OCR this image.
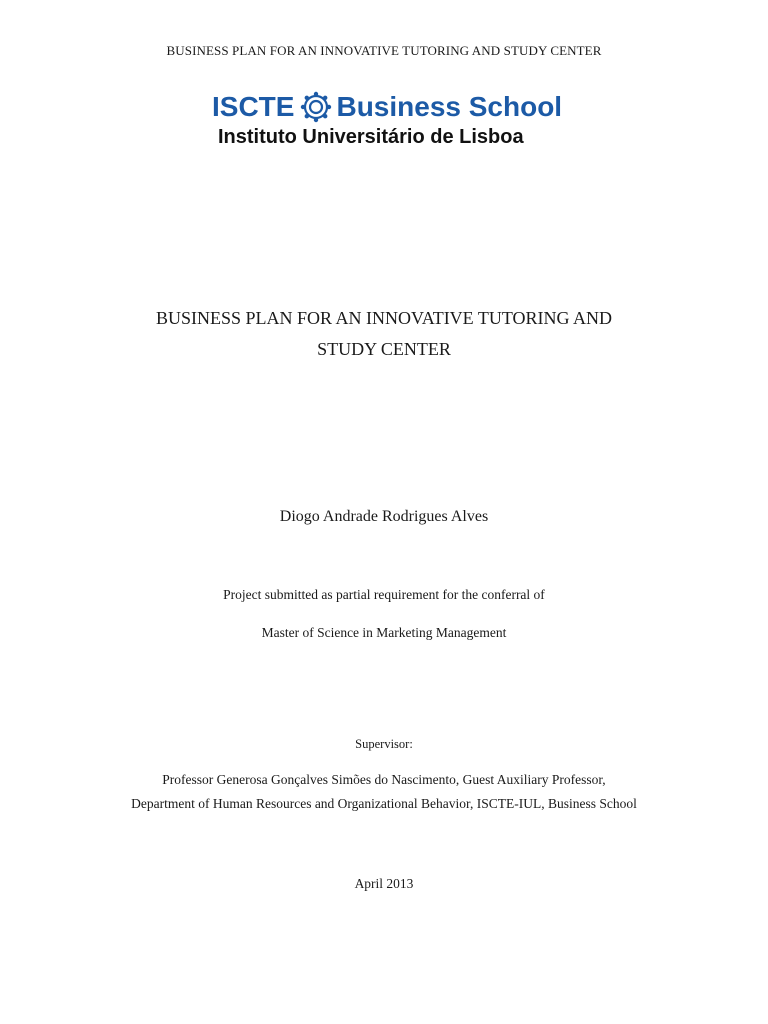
BUSINESS PLAN FOR AN INNOVATIVE TUTORING AND STUDY CENTER
ISCTE Business School
Instituto Universitário de Lisboa
BUSINESS PLAN FOR AN INNOVATIVE TUTORING AND
STUDY CENTER
Diogo Andrade Rodrigues Alves
Project submitted as partial requirement for the conferral of
Master of Science in Marketing Management
Supervisor:
Professor Generosa Gonçalves Simões do Nascimento, Guest Auxiliary Professor,
Department of Human Resources and Organizational Behavior, ISCTE-IUL, Business School
April 2013
